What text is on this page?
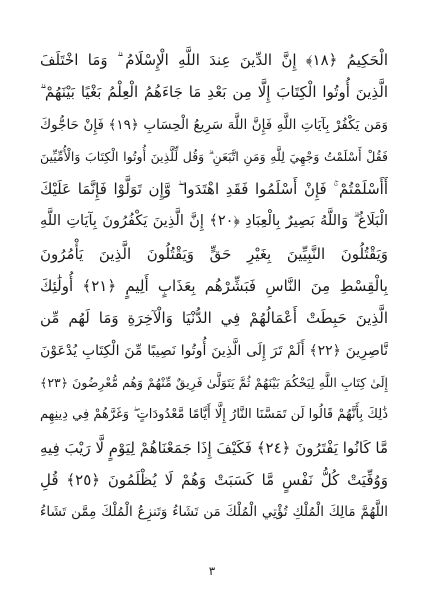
الْحَكِيمُ ﴿١٨﴾ إِنَّ الدِّينَ عِندَ اللَّهِ الْإِسْلَامُ ۗ وَمَا اخْتَلَفَ
الَّذِينَ أُوتُوا الْكِتَابَ إِلَّا مِن بَعْدِ مَا جَاءَهُمُ الْعِلْمُ بَغْيًا بَيْنَهُمْ ۗ
وَمَن يَكْفُرْ بِآيَاتِ اللَّهِ فَإِنَّ اللَّهَ سَرِيعُ الْحِسَابِ ﴿١٩﴾ فَإِنْ حَاجُّوكَ
فَقُلْ أَسْلَمْتُ وَجْهِيَ لِلَّهِ وَمَنِ اتَّبَعَنِ ۗ وَقُل لِّلَّذِينَ أُوتُوا الْكِتَابَ وَالْأُمِّيِّينَ
أَأَسْلَمْتُمْ ۚ فَإِنْ أَسْلَمُوا فَقَدِ اهْتَدَوا ۖ وَّإِن تَوَلَّوْا فَإِنَّمَا عَلَيْكَ
الْبَلَاغُ ۗ وَاللَّهُ بَصِيرٌ بِالْعِبَادِ ﴿٢٠﴾ إِنَّ الَّذِينَ يَكْفُرُونَ بِآيَاتِ اللَّهِ
وَيَقْتُلُونَ النَّبِيِّينَ بِغَيْرِ حَقٍّ وَيَقْتُلُونَ الَّذِينَ يَأْمُرُونَ
بِالْقِسْطِ مِنَ النَّاسِ فَبَشِّرْهُم بِعَذَابٍ أَلِيمٍ ﴿٢١﴾ أُولَٰئِكَ
الَّذِينَ حَبِطَتْ أَعْمَالُهُمْ فِي الدُّنْيَا وَالْآخِرَةِ وَمَا لَهُم مِّن
نَّاصِرِينَ ﴿٢٢﴾ أَلَمْ تَرَ إِلَى الَّذِينَ أُوتُوا نَصِيبًا مِّنَ الْكِتَابِ يُدْعَوْنَ
إِلَىٰ كِتَابِ اللَّهِ لِيَحْكُمَ بَيْنَهُمْ ثُمَّ يَتَوَلَّىٰ فَرِيقٌ مِّنْهُمْ وَهُم مُّعْرِضُونَ ﴿٢٣﴾
ذَٰلِكَ بِأَنَّهُمْ قَالُوا لَن تَمَسَّنَا النَّارُ إِلَّا أَيَّامًا مَّعْدُودَاتٍ ۖ وَغَرَّهُمْ فِي دِينِهِم
مَّا كَانُوا يَفْتَرُونَ ﴿٢٤﴾ فَكَيْفَ إِذَا جَمَعْنَاهُمْ لِيَوْمٍ لَّا رَيْبَ فِيهِ
وَوُفِّيَتْ كُلُّ نَفْسٍ مَّا كَسَبَتْ وَهُمْ لَا يُظْلَمُونَ ﴿٢٥﴾ قُلِ
اللَّهُمَّ مَالِكَ الْمُلْكِ تُؤْتِي الْمُلْكَ مَن تَشَاءُ وَتَنزِعُ الْمُلْكَ مِمَّن تَشَاءُ
٣
